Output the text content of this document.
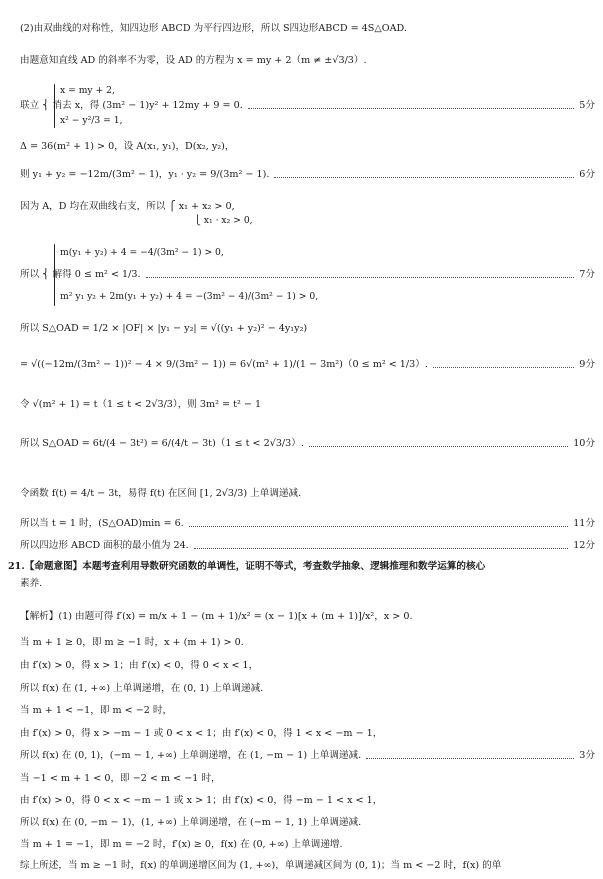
(2)由双曲线的对称性，知四边形 ABCD 为平行四边形，所以 S四边形ABCD = 4S△OAD.
由题意知直线 AD 的斜率不为零，设 AD 的方程为 x = my + 2（m ≠ ±√3/3）.
x = my + 2,
联立 ⎨ 消去 x，得 (3m² − 1)y² + 12my + 9 = 0.	5分
x² − y²/3 = 1,
Δ = 36(m² + 1) > 0，设 A(x₁, y₁)，D(x₂, y₂)，
则 y₁ + y₂ = −12m/(3m² − 1)，y₁ · y₂ = 9/(3m² − 1).	6分
因为 A，D 均在双曲线右支，所以 ⎧ x₁ + x₂ > 0,
⎩ x₁ · x₂ > 0,
m(y₁ + y₂) + 4 = −4/(3m² − 1) > 0,
所以 ⎨ 解得 0 ≤ m² < 1/3.	7分
m² y₁ y₂ + 2m(y₁ + y₂) + 4 = −(3m² − 4)/(3m² − 1) > 0,
所以 S△OAD = 1/2 × |OF| × |y₁ − y₂| = √((y₁ + y₂)² − 4y₁y₂)
= √((−12m/(3m² − 1))² − 4 × 9/(3m² − 1)) = 6√(m² + 1)/(1 − 3m²)（0 ≤ m² < 1/3）.	9分
令 √(m² + 1) = t（1 ≤ t < 2√3/3），则 3m² = t² − 1
所以 S△OAD = 6t/(4 − 3t²) = 6/(4/t − 3t)（1 ≤ t < 2√3/3）.	10分
令函数 f(t) = 4/t − 3t，易得 f(t) 在区间 [1, 2√3/3) 上单调递减.
所以当 t = 1 时，(S△OAD)min = 6.	11分
所以四边形 ABCD 面积的最小值为 24.	12分
21.【命题意图】本题考查利用导数研究函数的单调性，证明不等式，考查数学抽象、逻辑推理和数学运算的核心
素养.
【解析】(1) 由题可得 f′(x) = m/x + 1 − (m + 1)/x² = (x − 1)[x + (m + 1)]/x²，x > 0.
当 m + 1 ≥ 0，即 m ≥ −1 时，x + (m + 1) > 0.
由 f′(x) > 0，得 x > 1；由 f′(x) < 0，得 0 < x < 1，
所以 f(x) 在 (1, +∞) 上单调递增，在 (0, 1) 上单调递减.
当 m + 1 < −1，即 m < −2 时，
由 f′(x) > 0，得 x > −m − 1 或 0 < x < 1；由 f′(x) < 0，得 1 < x < −m − 1，
所以 f(x) 在 (0, 1)，(−m − 1, +∞) 上单调递增，在 (1, −m − 1) 上单调递减.	3分
当 −1 < m + 1 < 0，即 −2 < m < −1 时，
由 f′(x) > 0，得 0 < x < −m − 1 或 x > 1；由 f′(x) < 0，得 −m − 1 < x < 1，
所以 f(x) 在 (0, −m − 1)，(1, +∞) 上单调递增，在 (−m − 1, 1) 上单调递减.
当 m + 1 = −1，即 m = −2 时，f′(x) ≥ 0，f(x) 在 (0, +∞) 上单调递增.
综上所述，当 m ≥ −1 时，f(x) 的单调递增区间为 (1, +∞)，单调递减区间为 (0, 1)；当 m < −2 时，f(x) 的单
